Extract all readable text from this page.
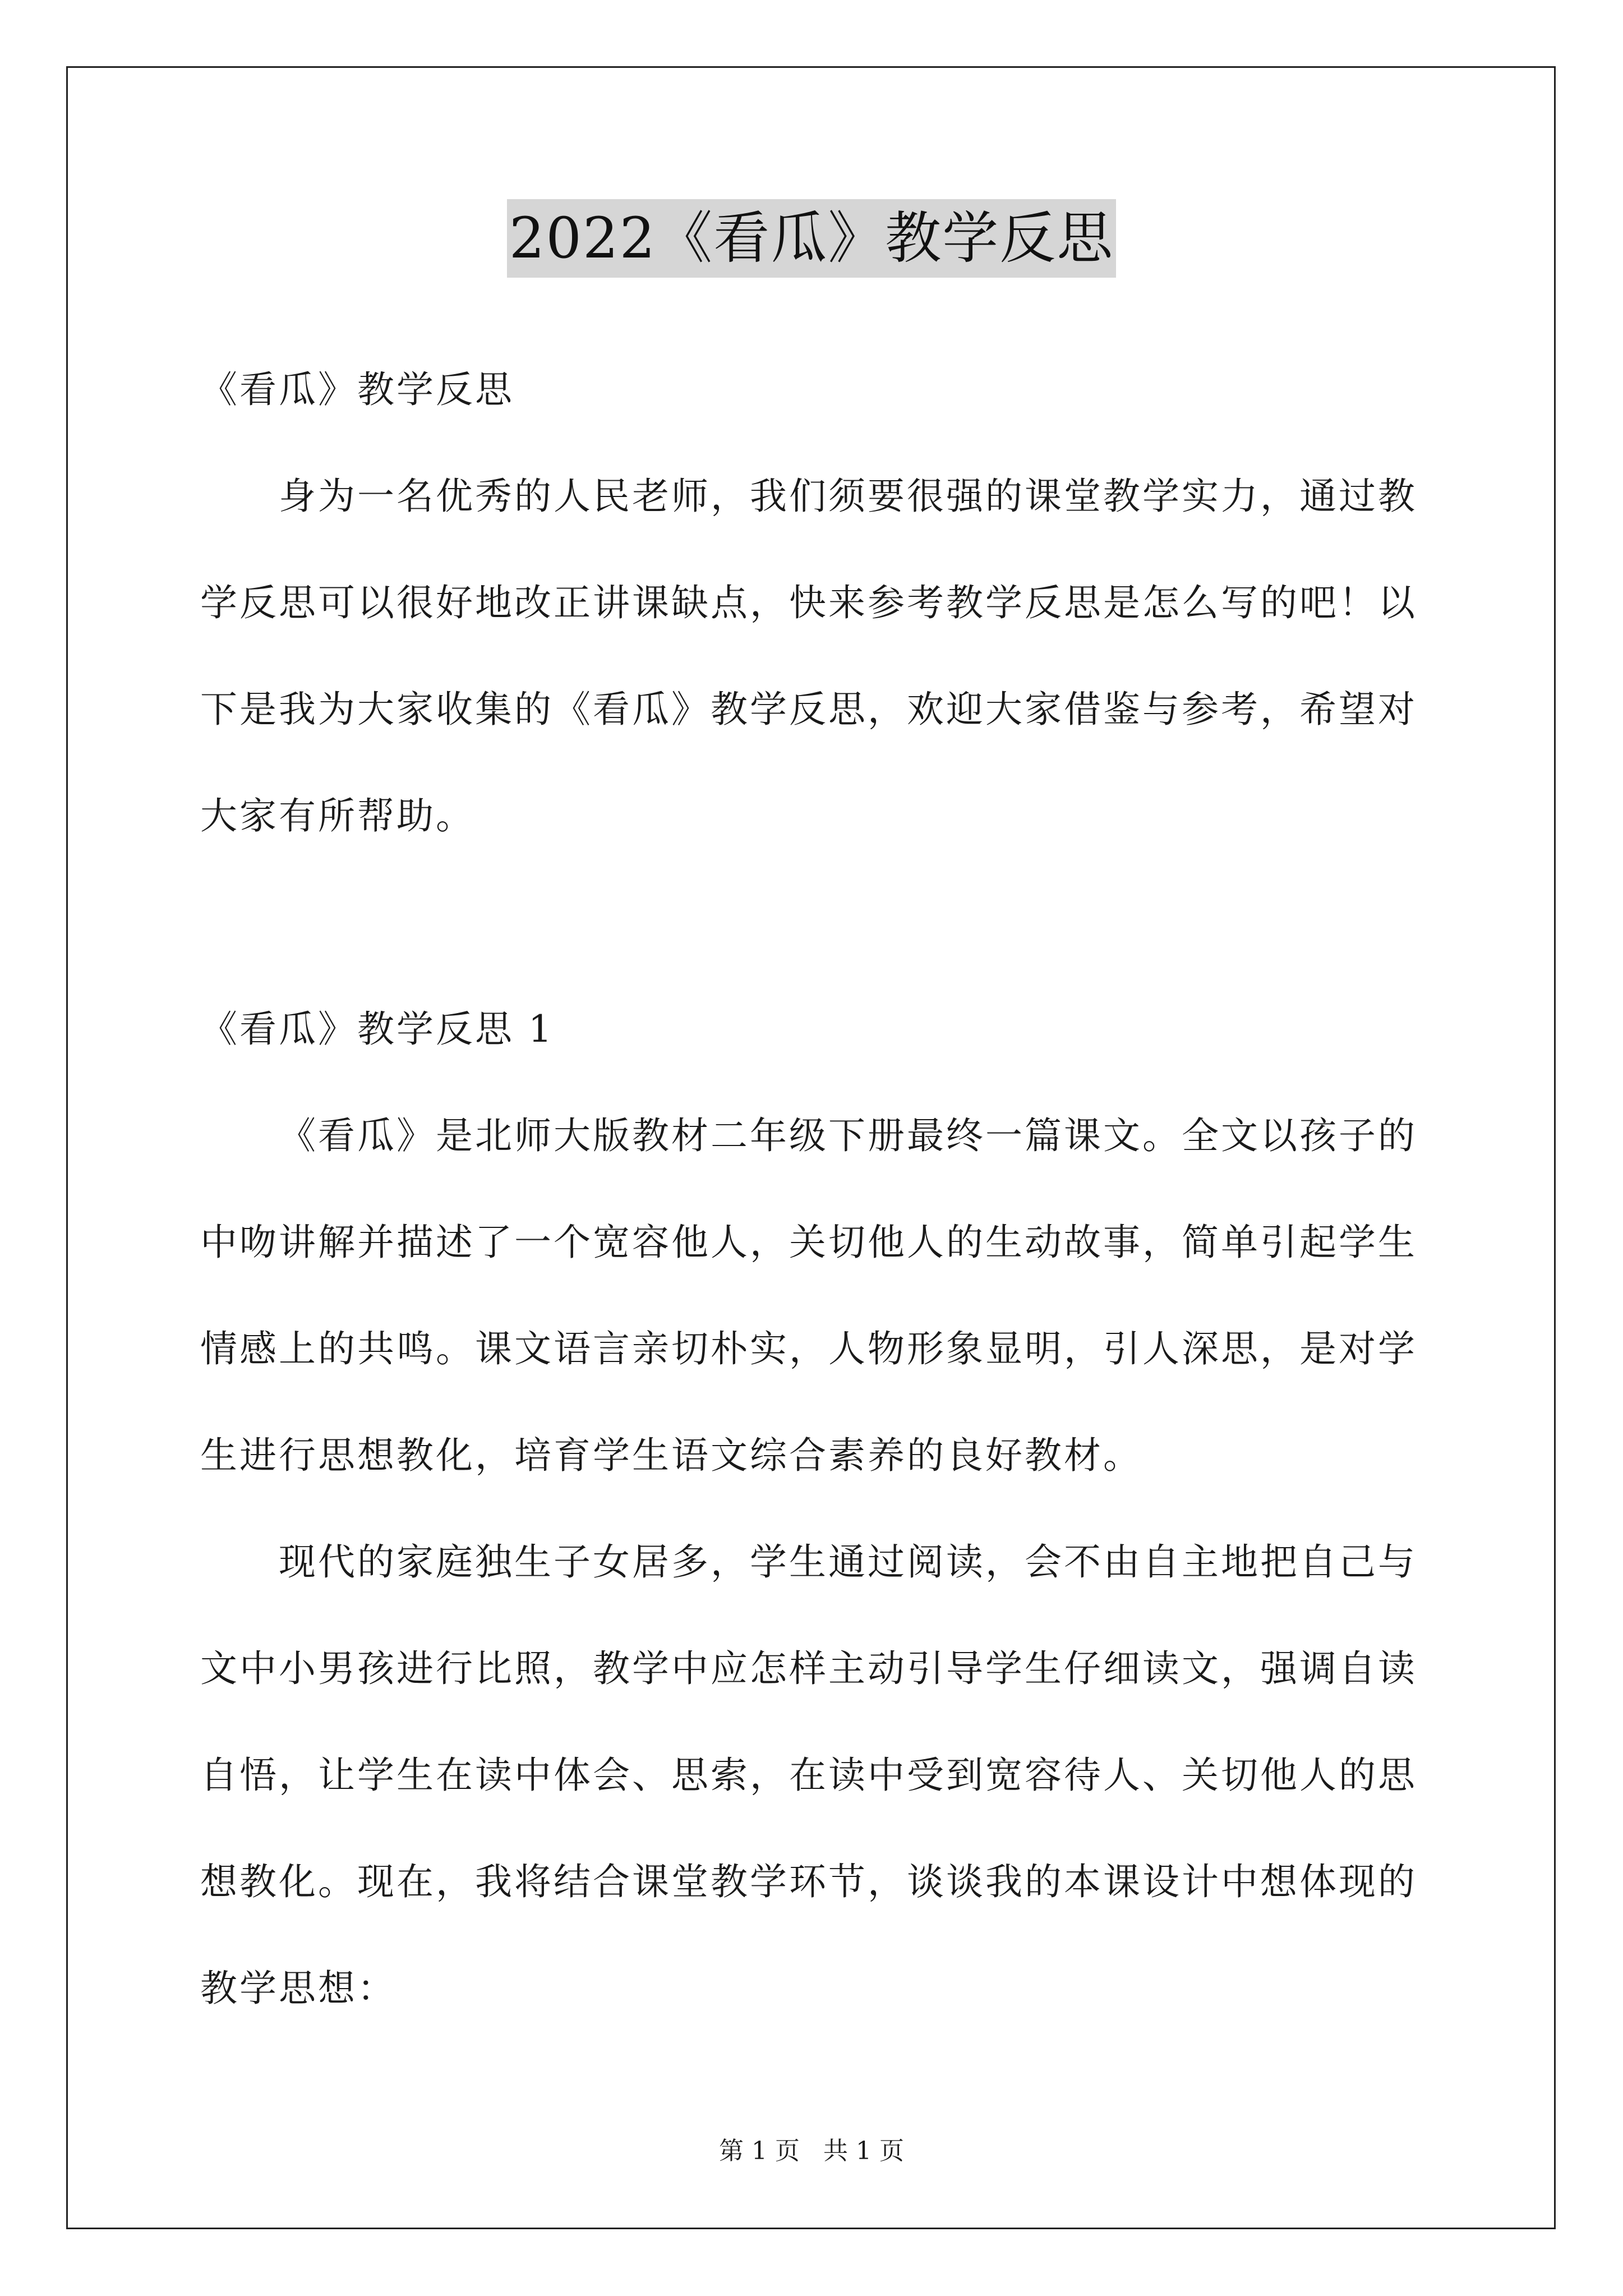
2022《看瓜》教学反思

《看瓜》教学反思

身为一名优秀的人民老师，我们须要很强的课堂教学实力，通过教学反思可以很好地改正讲课缺点，快来参考教学反思是怎么写的吧！以下是我为大家收集的《看瓜》教学反思，欢迎大家借鉴与参考，希望对大家有所帮助。

《看瓜》教学反思 1

《看瓜》是北师大版教材二年级下册最终一篇课文。全文以孩子的中吻讲解并描述了一个宽容他人，关切他人的生动故事，简单引起学生情感上的共鸣。课文语言亲切朴实，人物形象显明，引人深思，是对学生进行思想教化，培育学生语文综合素养的良好教材。

现代的家庭独生子女居多，学生通过阅读，会不由自主地把自己与文中小男孩进行比照，教学中应怎样主动引导学生仔细读文，强调自读自悟，让学生在读中体会、思索，在读中受到宽容待人、关切他人的思想教化。现在，我将结合课堂教学环节，谈谈我的本课设计中想体现的教学思想：

第 1 页 共 1 页
